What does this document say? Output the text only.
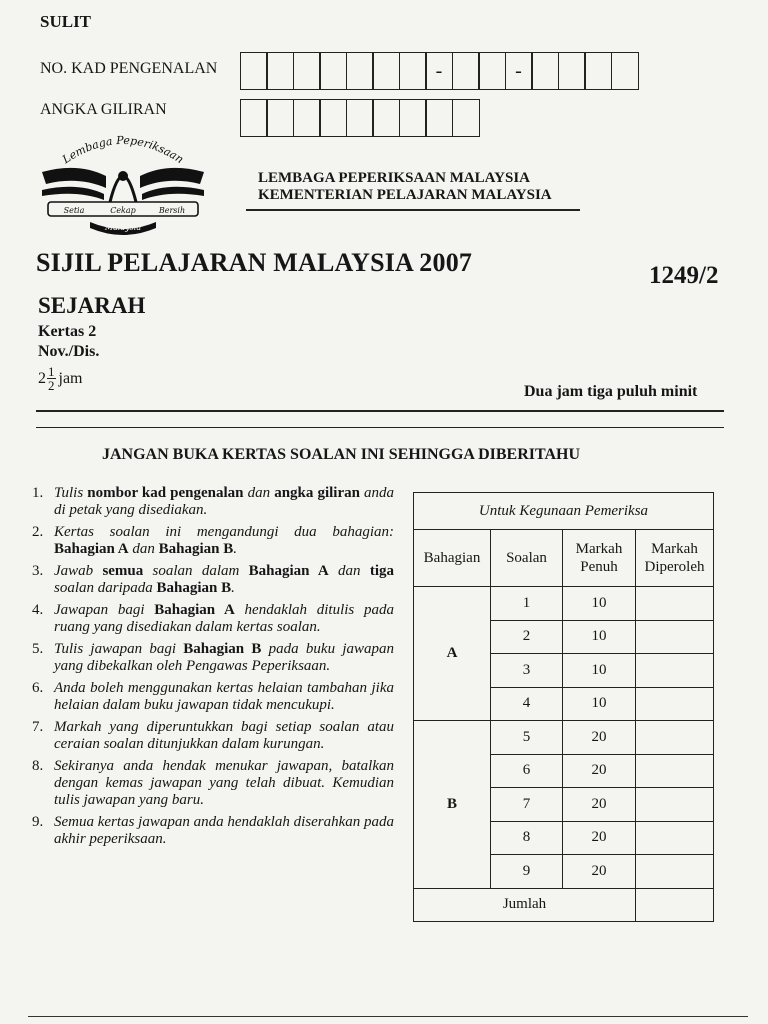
SULIT
NO. KAD PENGENALAN	-	-
ANGKA GILIRAN
Lembaga Peperiksaan
Setia	Cekap	Bersih
Malaysia
LEMBAGA PEPERIKSAAN MALAYSIA
KEMENTERIAN PELAJARAN MALAYSIA
SIJIL PELAJARAN MALAYSIA 2007	1249/2
SEJARAH
Kertas 2
Nov./Dis.
$2 \frac{1}{2}$ jam
Dua jam tiga puluh minit
JANGAN BUKA KERTAS SOALAN INI SEHINGGA DIBERITAHU
1. Tulis nombor kad pengenalan dan angka giliran anda di petak yang disediakan.
2. Kertas soalan ini mengandungi dua bahagian: Bahagian A dan Bahagian B.
3. Jawab semua soalan dalam Bahagian A dan tiga soalan daripada Bahagian B.
4. Jawapan bagi Bahagian A hendaklah ditulis pada ruang yang disediakan dalam kertas soalan.
5. Tulis jawapan bagi Bahagian B pada buku jawapan yang dibekalkan oleh Pengawas Peperiksaan.
6. Anda boleh menggunakan kertas helaian tambahan jika helaian dalam buku jawapan tidak mencukupi.
7. Markah yang diperuntukkan bagi setiap soalan atau ceraian soalan ditunjukkan dalam kurungan.
8. Sekiranya anda hendak menukar jawapan, batalkan dengan kemas jawapan yang telah dibuat. Kemudian tulis jawapan yang baru.
9. Semua kertas jawapan anda hendaklah diserahkan pada akhir peperiksaan.
Untuk Kegunaan Pemeriksa			
Bahagian	Soalan	Markah Penuh	Markah Diperoleh
A	1	10	
	2	10	
	3	10	
	4	10	
B	5	20	
	6	20	
	7	20	
	8	20	
	9	20	
Jumlah			
